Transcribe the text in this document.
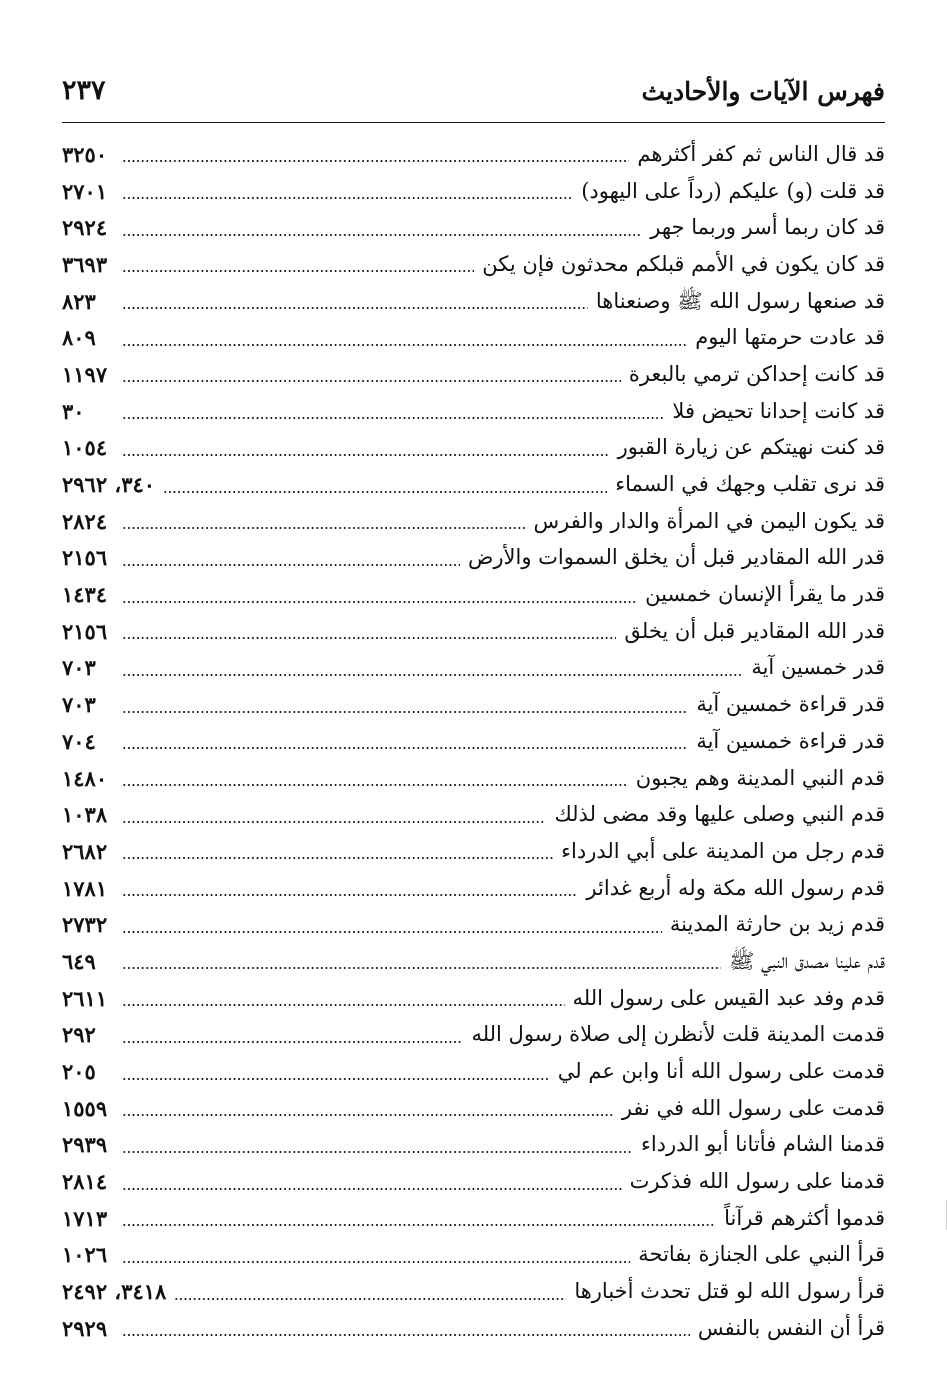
فهرس الآيات والأحاديث
٢٣٧
قد قال الناس ثم كفر أكثرهم
٣٢٥٠
قد قلت (و) عليكم (رداً على اليهود)
٢٧٠١
قد كان ربما أسر وربما جهر
٢٩٢٤
قد كان يكون في الأمم قبلكم محدثون فإن يكن
٣٦٩٣
قد صنعها رسول الله ﷺ وصنعناها
٨٢٣
قد عادت حرمتها اليوم
٨٠٩
قد كانت إحداكن ترمي بالبعرة
١١٩٧
قد كانت إحدانا تحيض فلا
٣٠
قد كنت نهيتكم عن زيارة القبور
١٠٥٤
قد نرى تقلب وجهك في السماء
٣٤٠، ٢٩٦٢
قد يكون اليمن في المرأة والدار والفرس
٢٨٢٤
قدر الله المقادير قبل أن يخلق السموات والأرض
٢١٥٦
قدر ما يقرأ الإنسان خمسين
١٤٣٤
قدر الله المقادير قبل أن يخلق
٢١٥٦
قدر خمسين آية
٧٠٣
قدر قراءة خمسين آية
٧٠٣
قدر قراءة خمسين آية
٧٠٤
قدم النبي المدينة وهم يجبون
١٤٨٠
قدم النبي وصلى عليها وقد مضى لذلك
١٠٣٨
قدم رجل من المدينة على أبي الدرداء
٢٦٨٢
قدم رسول الله مكة وله أربع غدائر
١٧٨١
قدم زيد بن حارثة المدينة
٢٧٣٢
قدم علينا مصدق النبي ﷺ
٦٤٩
قدم وفد عبد القيس على رسول الله
٢٦١١
قدمت المدينة قلت لأنظرن إلى صلاة رسول الله
٢٩٢
قدمت على رسول الله أنا وابن عم لي
٢٠٥
قدمت على رسول الله في نفر
١٥٥٩
قدمنا الشام فأتانا أبو الدرداء
٢٩٣٩
قدمنا على رسول الله فذكرت
٢٨١٤
قدموا أكثرهم قرآناً
١٧١٣
قرأ النبي على الجنازة بفاتحة
١٠٢٦
قرأ رسول الله لو قتل تحدث أخبارها
٣٤١٨، ٢٤٩٢
قرأ أن النفس بالنفس
٢٩٢٩
